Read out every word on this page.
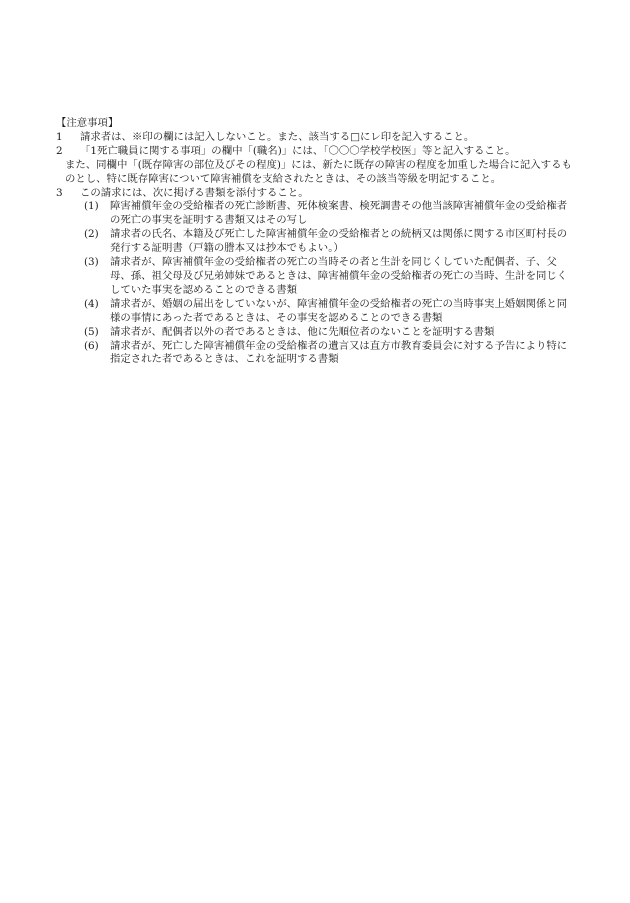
【注意事項】

1 請求者は、※印の欄には記入しないこと。また、該当する□にレ印を記入すること。

2 「1死亡職員に関する事項」の欄中「(職名)」には、「〇〇〇学校学校医」等と記入すること。

また、同欄中「(既存障害の部位及びその程度)」には、新たに既存の障害の程度を加重した場合に記入するものとし、特に既存障害について障害補償を支給されたときは、その該当等級を明記すること。

3 この請求には、次に掲げる書類を添付すること。

(1) 障害補償年金の受給権者の死亡診断書、死体検案書、検死調書その他当該障害補償年金の受給権者の死亡の事実を証明する書類又はその写し

(2) 請求者の氏名、本籍及び死亡した障害補償年金の受給権者との続柄又は関係に関する市区町村長の発行する証明書（戸籍の謄本又は抄本でもよい。）

(3) 請求者が、障害補償年金の受給権者の死亡の当時その者と生計を同じくしていた配偶者、子、父母、孫、祖父母及び兄弟姉妹であるときは、障害補償年金の受給権者の死亡の当時、生計を同じくしていた事実を認めることのできる書類

(4) 請求者が、婚姻の届出をしていないが、障害補償年金の受給権者の死亡の当時事実上婚姻関係と同様の事情にあった者であるときは、その事実を認めることのできる書類

(5) 請求者が、配偶者以外の者であるときは、他に先順位者のないことを証明する書類

(6) 請求者が、死亡した障害補償年金の受給権者の遺言又は直方市教育委員会に対する予告により特に指定された者であるときは、これを証明する書類
